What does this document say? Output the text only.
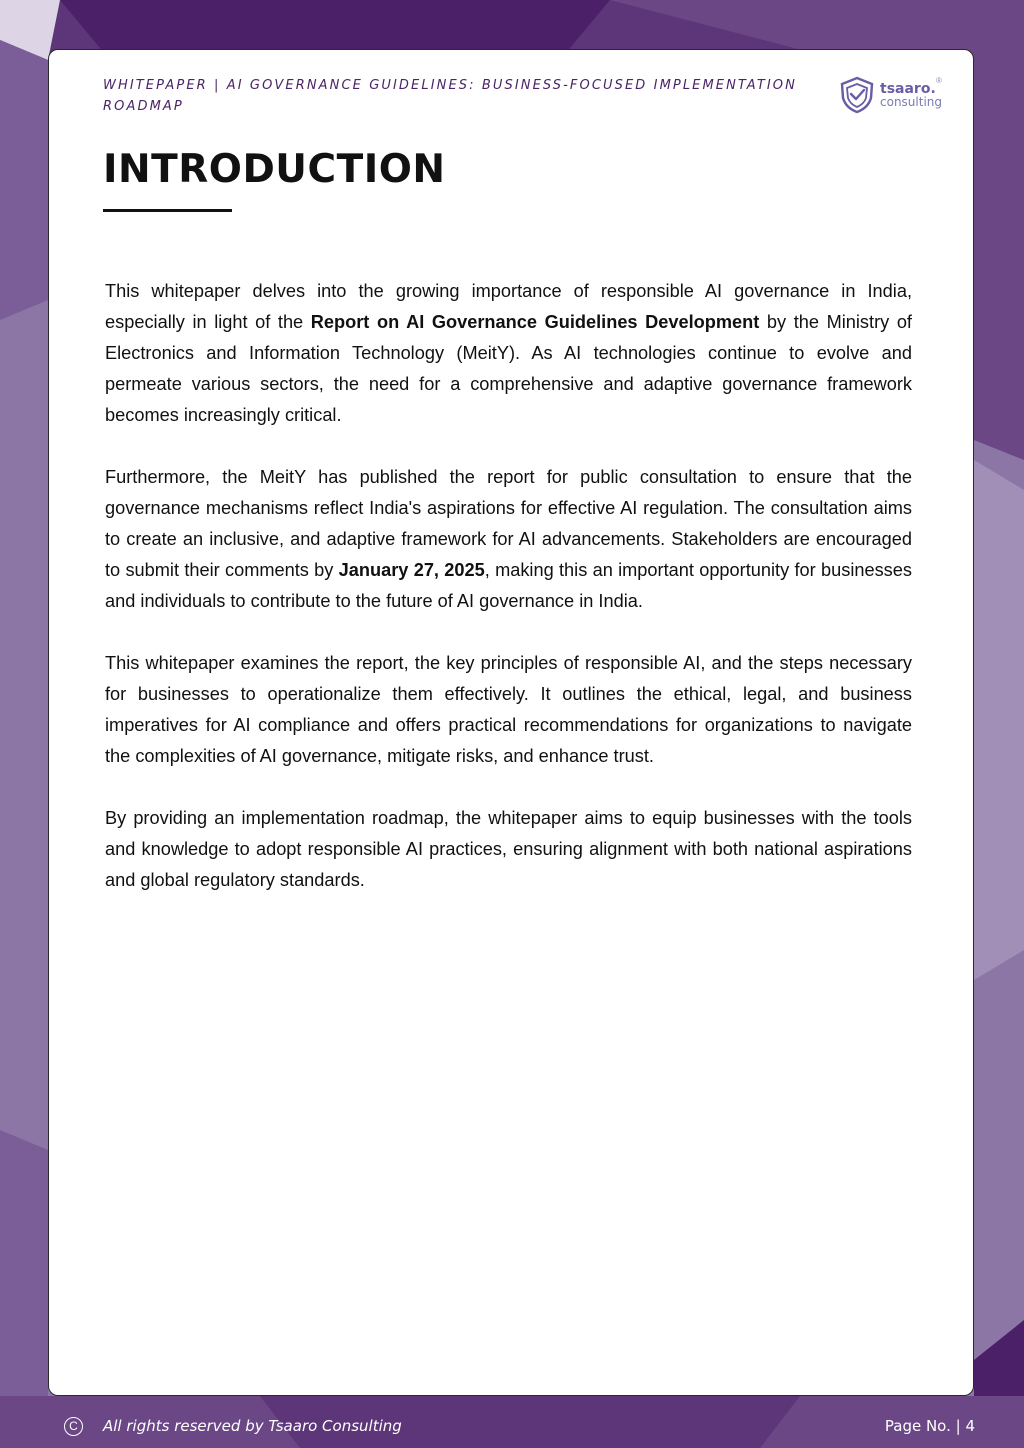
WHITEPAPER | AI GOVERNANCE GUIDELINES: BUSINESS-FOCUSED IMPLEMENTATION ROADMAP

tsaaro.
consulting
®
INTRODUCTION

This whitepaper delves into the growing importance of responsible AI governance in India, especially in light of the Report on AI Governance Guidelines Development by the Ministry of Electronics and Information Technology (MeitY). As AI technologies continue to evolve and permeate various sectors, the need for a comprehensive and adaptive governance framework becomes increasingly critical.

Furthermore, the MeitY has published the report for public consultation to ensure that the governance mechanisms reflect India's aspirations for effective AI regulation. The consultation aims to create an inclusive, and adaptive framework for AI advancements. Stakeholders are encouraged to submit their comments by January 27, 2025, making this an important opportunity for businesses and individuals to contribute to the future of AI governance in India.

This whitepaper examines the report, the key principles of responsible AI, and the steps necessary for businesses to operationalize them effectively. It outlines the ethical, legal, and business imperatives for AI compliance and offers practical recommendations for organizations to navigate the complexities of AI governance, mitigate risks, and enhance trust.

By providing an implementation roadmap, the whitepaper aims to equip businesses with the tools and knowledge to adopt responsible AI practices, ensuring alignment with both national aspirations and global regulatory standards.

C	All rights reserved by Tsaaro Consulting	Page No. | 4
